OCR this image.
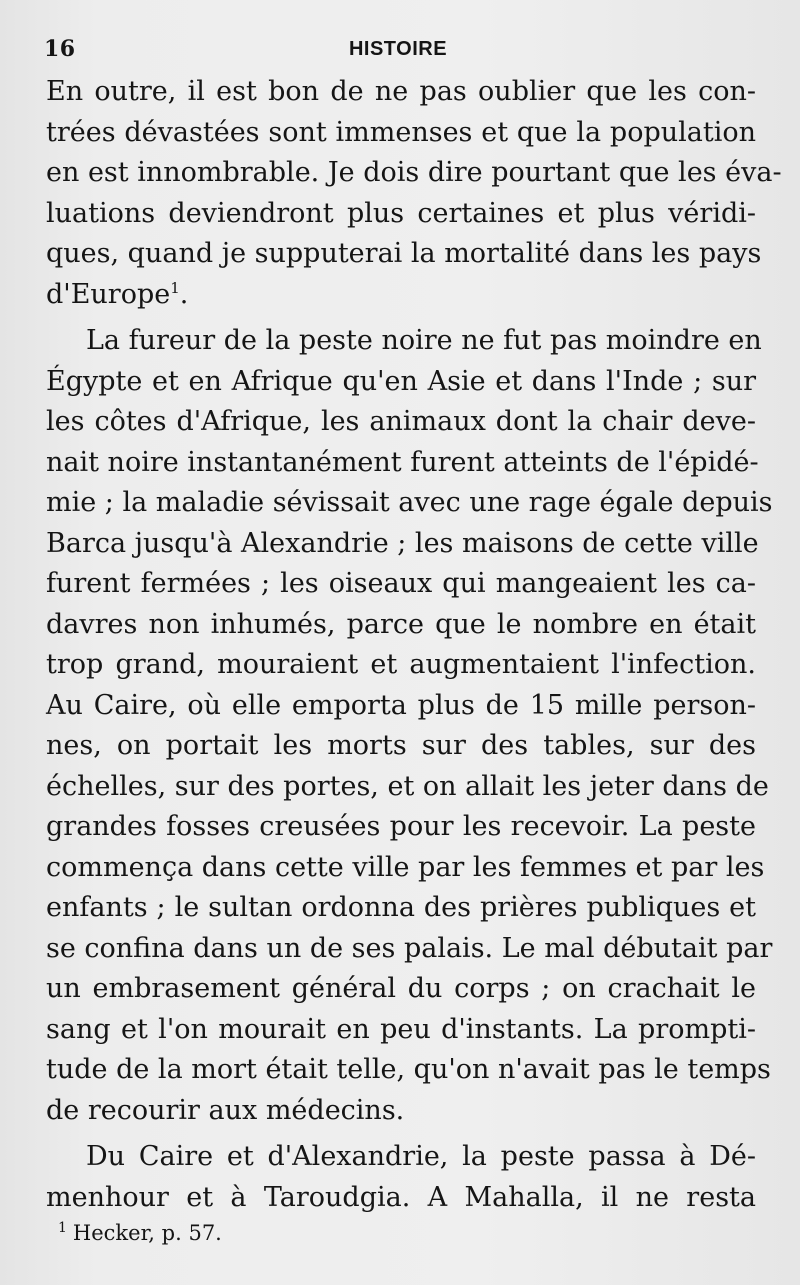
16	HISTOIRE
En outre, il est bon de ne pas oublier que les con-
trées dévastées sont immenses et que la population
en est innombrable. Je dois dire pourtant que les éva-
luations deviendront plus certaines et plus véridi-
ques, quand je supputerai la mortalité dans les pays
d'Europe$^1$.
La fureur de la peste noire ne fut pas moindre en
Égypte et en Afrique qu'en Asie et dans l'Inde ; sur
les côtes d'Afrique, les animaux dont la chair deve-
nait noire instantanément furent atteints de l'épidé-
mie ; la maladie sévissait avec une rage égale depuis
Barca jusqu'à Alexandrie ; les maisons de cette ville
furent fermées ; les oiseaux qui mangeaient les ca-
davres non inhumés, parce que le nombre en était
trop grand, mouraient et augmentaient l'infection.
Au Caire, où elle emporta plus de 15 mille person-
nes, on portait les morts sur des tables, sur des
échelles, sur des portes, et on allait les jeter dans de
grandes fosses creusées pour les recevoir. La peste
commença dans cette ville par les femmes et par les
enfants ; le sultan ordonna des prières publiques et
se confina dans un de ses palais. Le mal débutait par
un embrasement général du corps ; on crachait le
sang et l'on mourait en peu d'instants. La prompti-
tude de la mort était telle, qu'on n'avait pas le temps
de recourir aux médecins.
Du Caire et d'Alexandrie, la peste passa à Dé-
menhour et à Taroudgia. A Mahalla, il ne resta
$^1$ Hecker, p. 57.
